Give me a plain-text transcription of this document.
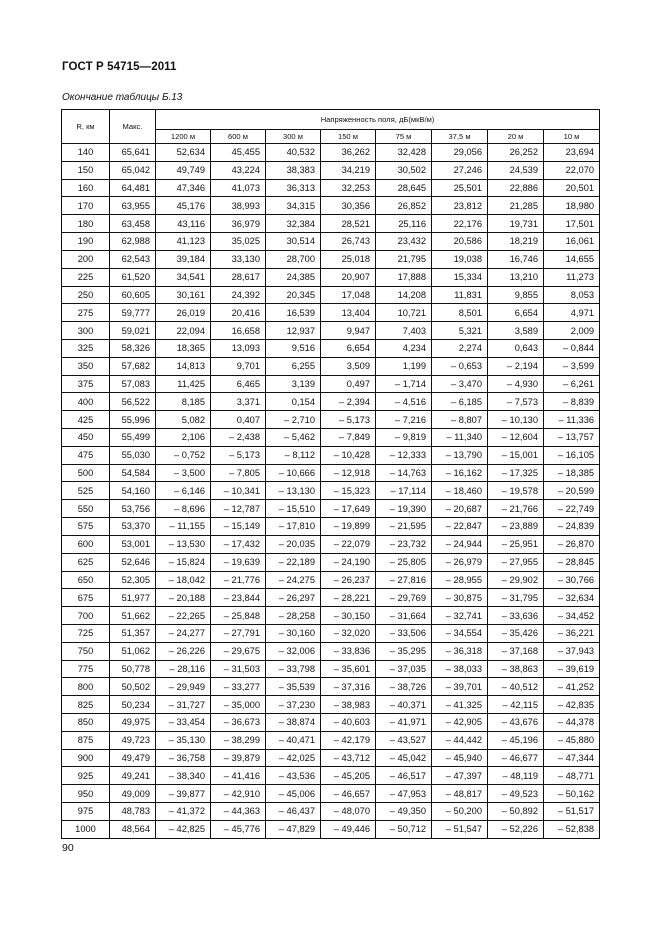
ГОСТ Р 54715—2011
Окончание таблицы Б.13
R, км	Макс.	Напряженность поля, дБ(мкВ/м)							
		1200 м	600 м	300 м	150 м	75 м	37,5 м	20 м	10 м
140	65,641	52,634	45,455	40,532	36,262	32,428	29,056	26,252	23,694
150	65,042	49,749	43,224	38,383	34,219	30,502	27,246	24,539	22,070
160	64,481	47,346	41,073	36,313	32,253	28,645	25,501	22,886	20,501
170	63,955	45,176	38,993	34,315	30,356	26,852	23,812	21,285	18,980
180	63,458	43,116	36,979	32,384	28,521	25,116	22,176	19,731	17,501
190	62,988	41,123	35,025	30,514	26,743	23,432	20,586	18,219	16,061
200	62,543	39,184	33,130	28,700	25,018	21,795	19,038	16,746	14,655
225	61,520	34,541	28,617	24,385	20,907	17,888	15,334	13,210	11,273
250	60,605	30,161	24,392	20,345	17,048	14,208	11,831	9,855	8,053
275	59,777	26,019	20,416	16,539	13,404	10,721	8,501	6,654	4,971
300	59,021	22,094	16,658	12,937	9,947	7,403	5,321	3,589	2,009
325	58,326	18,365	13,093	9,516	6,654	4,234	2,274	0,643	– 0,844
350	57,682	14,813	9,701	6,255	3,509	1,199	– 0,653	– 2,194	– 3,599
375	57,083	11,425	6,465	3,139	0,497	– 1,714	– 3,470	– 4,930	– 6,261
400	56,522	8,185	3,371	0,154	– 2,394	– 4,516	– 6,185	– 7,573	– 8,839
425	55,996	5,082	0,407	– 2,710	– 5,173	– 7,216	– 8,807	– 10,130	– 11,336
450	55,499	2,106	– 2,438	– 5,462	– 7,849	– 9,819	– 11,340	– 12,604	– 13,757
475	55,030	– 0,752	– 5,173	– 8,112	– 10,428	– 12,333	– 13,790	– 15,001	– 16,105
500	54,584	– 3,500	– 7,805	– 10,666	– 12,918	– 14,763	– 16,162	– 17,325	– 18,385
525	54,160	– 6,146	– 10,341	– 13,130	– 15,323	– 17,114	– 18,460	– 19,578	– 20,599
550	53,756	– 8,696	– 12,787	– 15,510	– 17,649	– 19,390	– 20,687	– 21,766	– 22,749
575	53,370	– 11,155	– 15,149	– 17,810	– 19,899	– 21,595	– 22,847	– 23,889	– 24,839
600	53,001	– 13,530	– 17,432	– 20,035	– 22,079	– 23,732	– 24,944	– 25,951	– 26,870
625	52,646	– 15,824	– 19,639	– 22,189	– 24,190	– 25,805	– 26,979	– 27,955	– 28,845
650	52,305	– 18,042	– 21,776	– 24,275	– 26,237	– 27,816	– 28,955	– 29,902	– 30,766
675	51,977	– 20,188	– 23,844	– 26,297	– 28,221	– 29,769	– 30,875	– 31,795	– 32,634
700	51,662	– 22,265	– 25,848	– 28,258	– 30,150	– 31,664	– 32,741	– 33,636	– 34,452
725	51,357	– 24,277	– 27,791	– 30,160	– 32,020	– 33,506	– 34,554	– 35,426	– 36,221
750	51,062	– 26,226	– 29,675	– 32,006	– 33,836	– 35,295	– 36,318	– 37,168	– 37,943
775	50,778	– 28,116	– 31,503	– 33,798	– 35,601	– 37,035	– 38,033	– 38,863	– 39,619
800	50,502	– 29,949	– 33,277	– 35,539	– 37,316	– 38,726	– 39,701	– 40,512	– 41,252
825	50,234	– 31,727	– 35,000	– 37,230	– 38,983	– 40,371	– 41,325	– 42,115	– 42,835
850	49,975	– 33,454	– 36,673	– 38,874	– 40,603	– 41,971	– 42,905	– 43,676	– 44,378
875	49,723	– 35,130	– 38,299	– 40,471	– 42,179	– 43,527	– 44,442	– 45,196	– 45,880
900	49,479	– 36,758	– 39,879	– 42,025	– 43,712	– 45,042	– 45,940	– 46,677	– 47,344
925	49,241	– 38,340	– 41,416	– 43,536	– 45,205	– 46,517	– 47,397	– 48,119	– 48,771
950	49,009	– 39,877	– 42,910	– 45,006	– 46,657	– 47,953	– 48,817	– 49,523	– 50,162
975	48,783	– 41,372	– 44,363	– 46,437	– 48,070	– 49,350	– 50,200	– 50,892	– 51,517
1000	48,564	– 42,825	– 45,776	– 47,829	– 49,446	– 50,712	– 51,547	– 52,226	– 52,838
90
